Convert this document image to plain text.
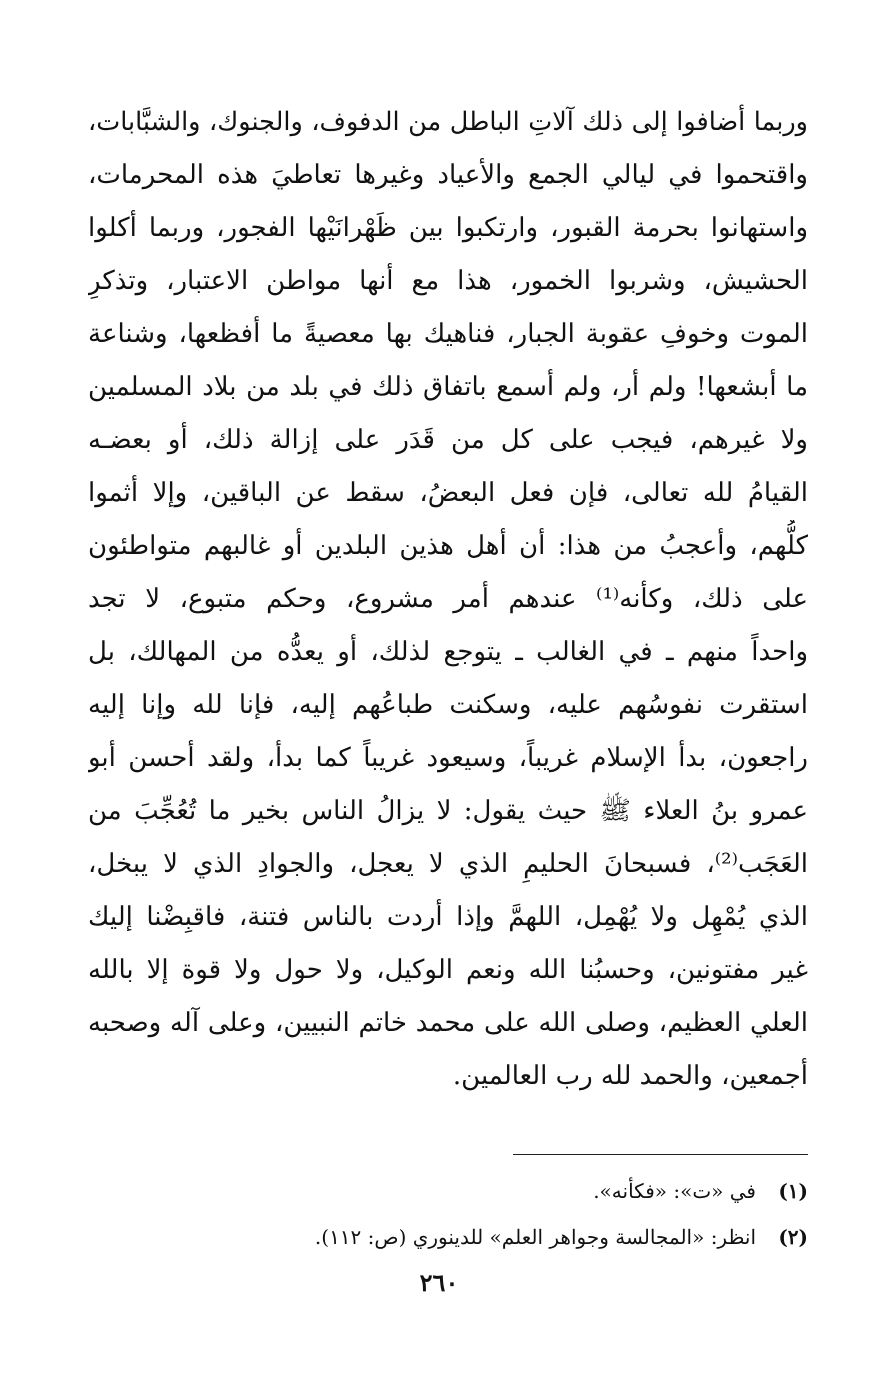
وربما أضافوا إلى ذلك آلاتِ الباطل من الدفوف، والجنوك، والشبَّابات،
واقتحموا في ليالي الجمع والأعياد وغيرها تعاطيَ هذه المحرمات،
واستهانوا بحرمة القبور، وارتكبوا بين ظَهْرانَيْها الفجور، وربما أكلوا
الحشيش، وشربوا الخمور، هذا مع أنها مواطن الاعتبار، وتذكرِ
الموت وخوفِ عقوبة الجبار، فناهيك بها معصيةً ما أفظعها، وشناعة
ما أبشعها! ولم أر، ولم أسمع باتفاق ذلك في بلد من بلاد المسلمين
ولا غيرهم، فيجب على كل من قَدَر على إزالة ذلك، أو بعضـه
القيامُ لله تعالى، فإن فعل البعضُ، سقط عن الباقين، وإلا أثموا
كلُّهم، وأعجبُ من هذا: أن أهل هذين البلدين أو غالبهم متواطئون
على ذلك، وكأنه⁽¹⁾ عندهم أمر مشروع، وحكم متبوع، لا تجد
واحداً منهم ـ في الغالب ـ يتوجع لذلك، أو يعدُّه من المهالك، بل
استقرت نفوسُهم عليه، وسكنت طباعُهم إليه، فإنا لله وإنا إليه
راجعون، بدأ الإسلام غريباً، وسيعود غريباً كما بدأ، ولقد أحسن أبو
عمرو بنُ العلاء ﷺ حيث يقول: لا يزالُ الناس بخير ما تُعُجِّبَ من
العَجَب⁽²⁾، فسبحانَ الحليمِ الذي لا يعجل، والجوادِ الذي لا يبخل،
الذي يُمْهِل ولا يُهْمِل، اللهمَّ وإذا أردت بالناس فتنة، فاقبِضْنا إليك
غير مفتونين، وحسبُنا الله ونعم الوكيل، ولا حول ولا قوة إلا بالله
العلي العظيم، وصلى الله على محمد خاتم النبيين، وعلى آله وصحبه
أجمعين، والحمد لله رب العالمين.
(١)في «ت»: «فكأنه».
(٢)انظر: «المجالسة وجواهر العلم» للدينوري (ص: ١١٢).
٢٦٠
